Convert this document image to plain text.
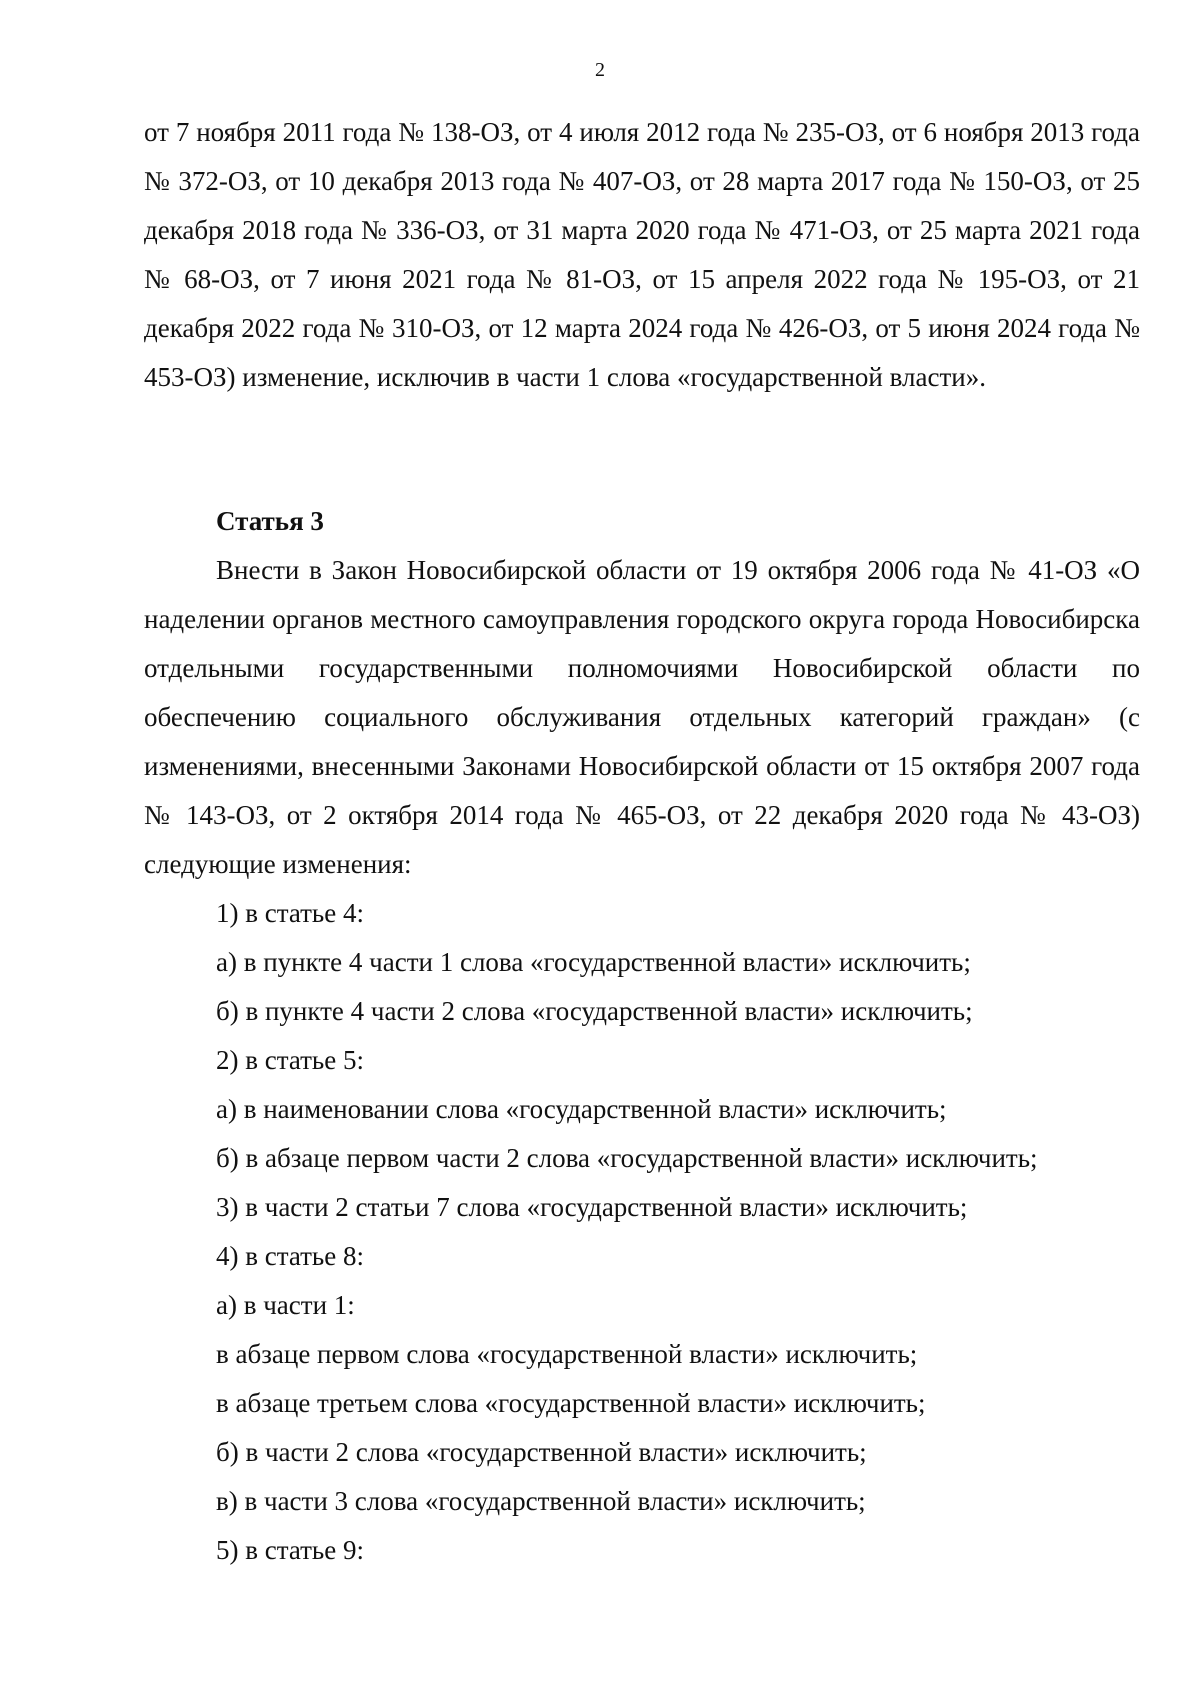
2

от 7 ноября 2011 года № 138-ОЗ, от 4 июля 2012 года № 235-ОЗ, от 6 ноября 2013 года № 372-ОЗ, от 10 декабря 2013 года № 407-ОЗ, от 28 марта 2017 года № 150-ОЗ, от 25 декабря 2018 года № 336-ОЗ, от 31 марта 2020 года № 471-ОЗ, от 25 марта 2021 года № 68-ОЗ, от 7 июня 2021 года № 81-ОЗ, от 15 апреля 2022 года № 195-ОЗ, от 21 декабря 2022 года № 310-ОЗ, от 12 марта 2024 года № 426-ОЗ, от 5 июня 2024 года № 453-ОЗ) изменение, исключив в части 1 слова «государственной власти».

Статья 3

Внести в Закон Новосибирской области от 19 октября 2006 года № 41-ОЗ «О наделении органов местного самоуправления городского округа города Новосибирска отдельными государственными полномочиями Новосибирской области по обеспечению социального обслуживания отдельных категорий граждан» (с изменениями, внесенными Законами Новосибирской области от 15 октября 2007 года № 143-ОЗ, от 2 октября 2014 года № 465-ОЗ, от 22 декабря 2020 года № 43-ОЗ) следующие изменения:

1) в статье 4:
а) в пункте 4 части 1 слова «государственной власти» исключить;
б) в пункте 4 части 2 слова «государственной власти» исключить;
2) в статье 5:
а) в наименовании слова «государственной власти» исключить;
б) в абзаце первом части 2 слова «государственной власти» исключить;
3) в части 2 статьи 7 слова «государственной власти» исключить;
4) в статье 8:
а) в части 1:
в абзаце первом слова «государственной власти» исключить;
в абзаце третьем слова «государственной власти» исключить;
б) в части 2 слова «государственной власти» исключить;
в) в части 3 слова «государственной власти» исключить;
5) в статье 9:
